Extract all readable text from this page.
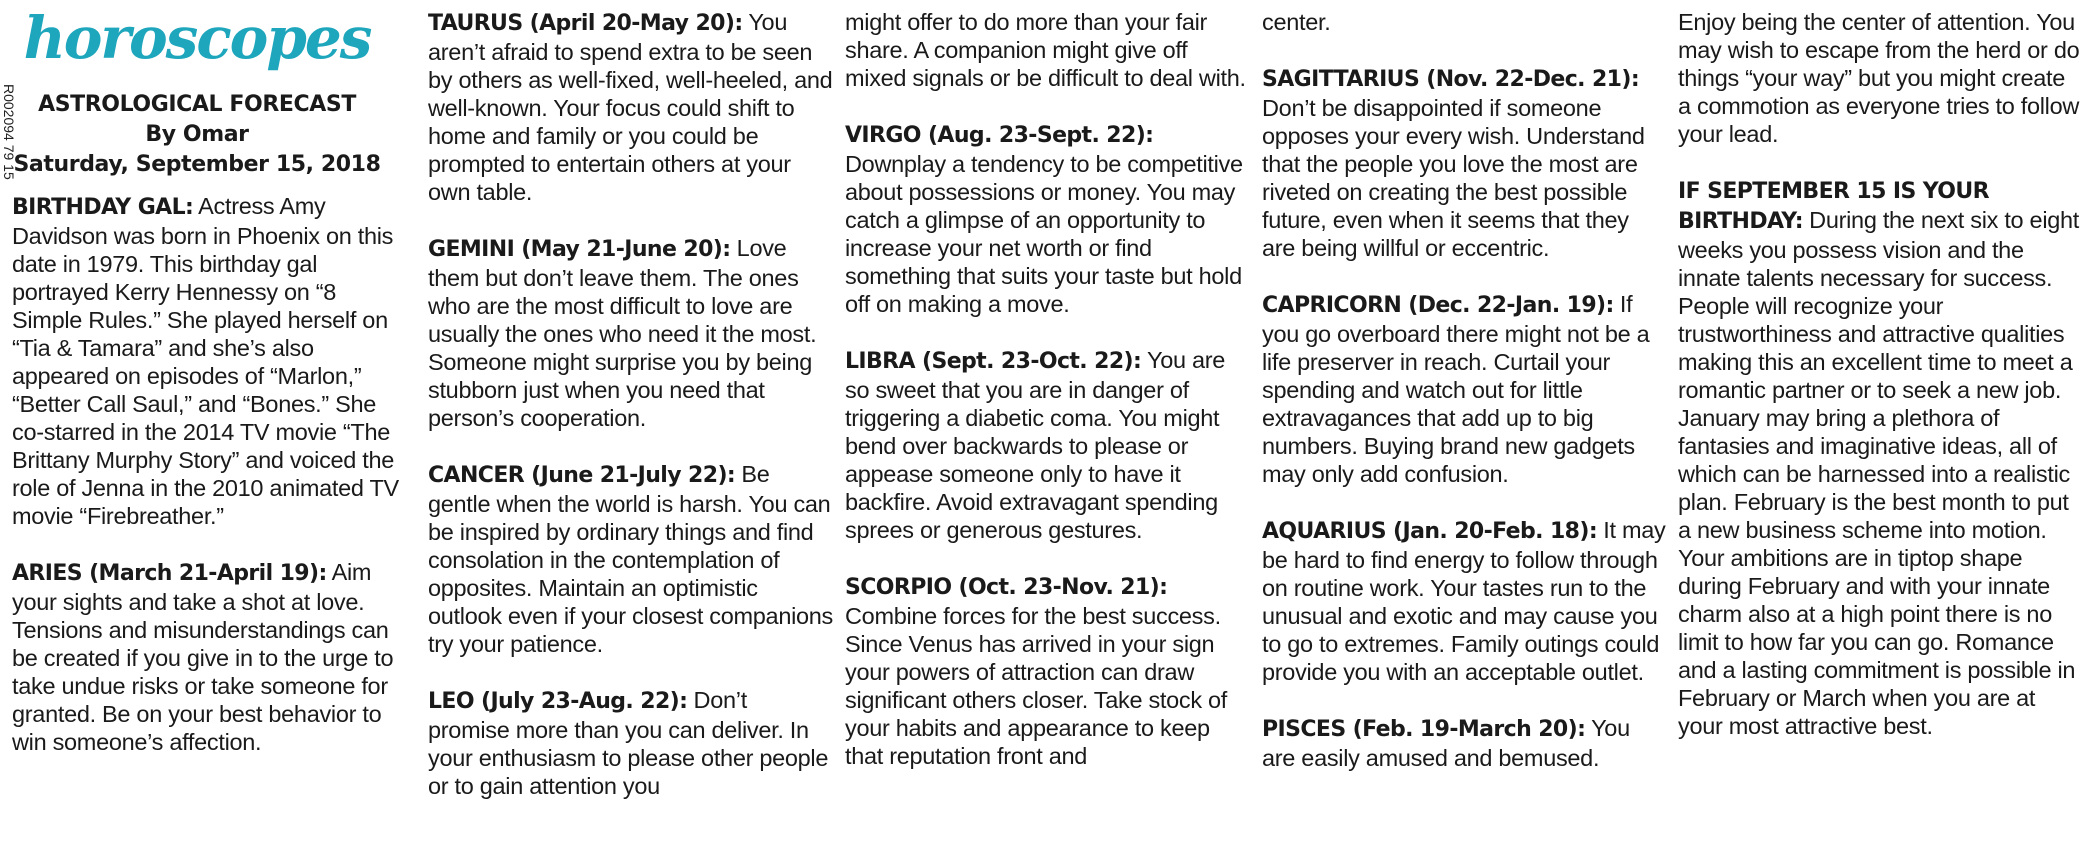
R002094 79 15
horoscopes
ASTROLOGICAL FORECAST
By Omar
Saturday, September 15, 2018

BIRTHDAY GAL: Actress Amy Davidson was born in Phoenix on this date in 1979. This birthday gal portrayed Kerry Hennessy on “8 Simple Rules.” She played herself on “Tia & Tamara” and she’s also appeared on episodes of “Marlon,” “Better Call Saul,” and “Bones.” She co-starred in the 2014 TV movie “The Brittany Murphy Story” and voiced the role of Jenna in the 2010 animated TV movie “Firebreather.”

ARIES (March 21-April 19): Aim your sights and take a shot at love. Tensions and misunderstandings can be created if you give in to the urge to take undue risks or take someone for granted. Be on your best behavior to win someone’s affection.

TAURUS (April 20-May 20): You aren’t afraid to spend extra to be seen by others as well-fixed, well-heeled, and well-known. Your focus could shift to home and family or you could be prompted to entertain others at your own table.

GEMINI (May 21-June 20): Love them but don’t leave them. The ones who are the most difficult to love are usually the ones who need it the most. Someone might surprise you by being stubborn just when you need that person’s cooperation.

CANCER (June 21-July 22): Be gentle when the world is harsh. You can be inspired by ordinary things and find consolation in the contemplation of opposites. Maintain an optimistic outlook even if your closest companions try your patience.

LEO (July 23-Aug. 22): Don’t promise more than you can deliver. In your enthusiasm to please other people or to gain attention you

might offer to do more than your fair share. A companion might give off mixed signals or be difficult to deal with.

VIRGO (Aug. 23-Sept. 22): Downplay a tendency to be competitive about possessions or money. You may catch a glimpse of an opportunity to increase your net worth or find something that suits your taste but hold off on making a move.

LIBRA (Sept. 23-Oct. 22): You are so sweet that you are in danger of triggering a diabetic coma. You might bend over backwards to please or appease someone only to have it backfire. Avoid extravagant spending sprees or generous gestures.

SCORPIO (Oct. 23-Nov. 21): Combine forces for the best success. Since Venus has arrived in your sign your powers of attraction can draw significant others closer. Take stock of your habits and appearance to keep that reputation front and

center.

SAGITTARIUS (Nov. 22-Dec. 21): Don’t be disappointed if someone opposes your every wish. Understand that the people you love the most are riveted on creating the best possible future, even when it seems that they are being willful or eccentric.

CAPRICORN (Dec. 22-Jan. 19): If you go overboard there might not be a life preserver in reach. Curtail your spending and watch out for little extravagances that add up to big numbers. Buying brand new gadgets may only add confusion.

AQUARIUS (Jan. 20-Feb. 18): It may be hard to find energy to follow through on routine work. Your tastes run to the unusual and exotic and may cause you to go to extremes. Family outings could provide you with an acceptable outlet.

PISCES (Feb. 19-March 20): You are easily amused and bemused.

Enjoy being the center of attention. You may wish to escape from the herd or do things “your way” but you might create a commotion as everyone tries to follow your lead.

IF SEPTEMBER 15 IS YOUR BIRTHDAY: During the next six to eight weeks you possess vision and the innate talents necessary for success. People will recognize your trustworthiness and attractive qualities making this an excellent time to meet a romantic partner or to seek a new job. January may bring a plethora of fantasies and imaginative ideas, all of which can be harnessed into a realistic plan. February is the best month to put a new business scheme into motion. Your ambitions are in tiptop shape during February and with your innate charm also at a high point there is no limit to how far you can go. Romance and a lasting commitment is possible in February or March when you are at your most attractive best.
